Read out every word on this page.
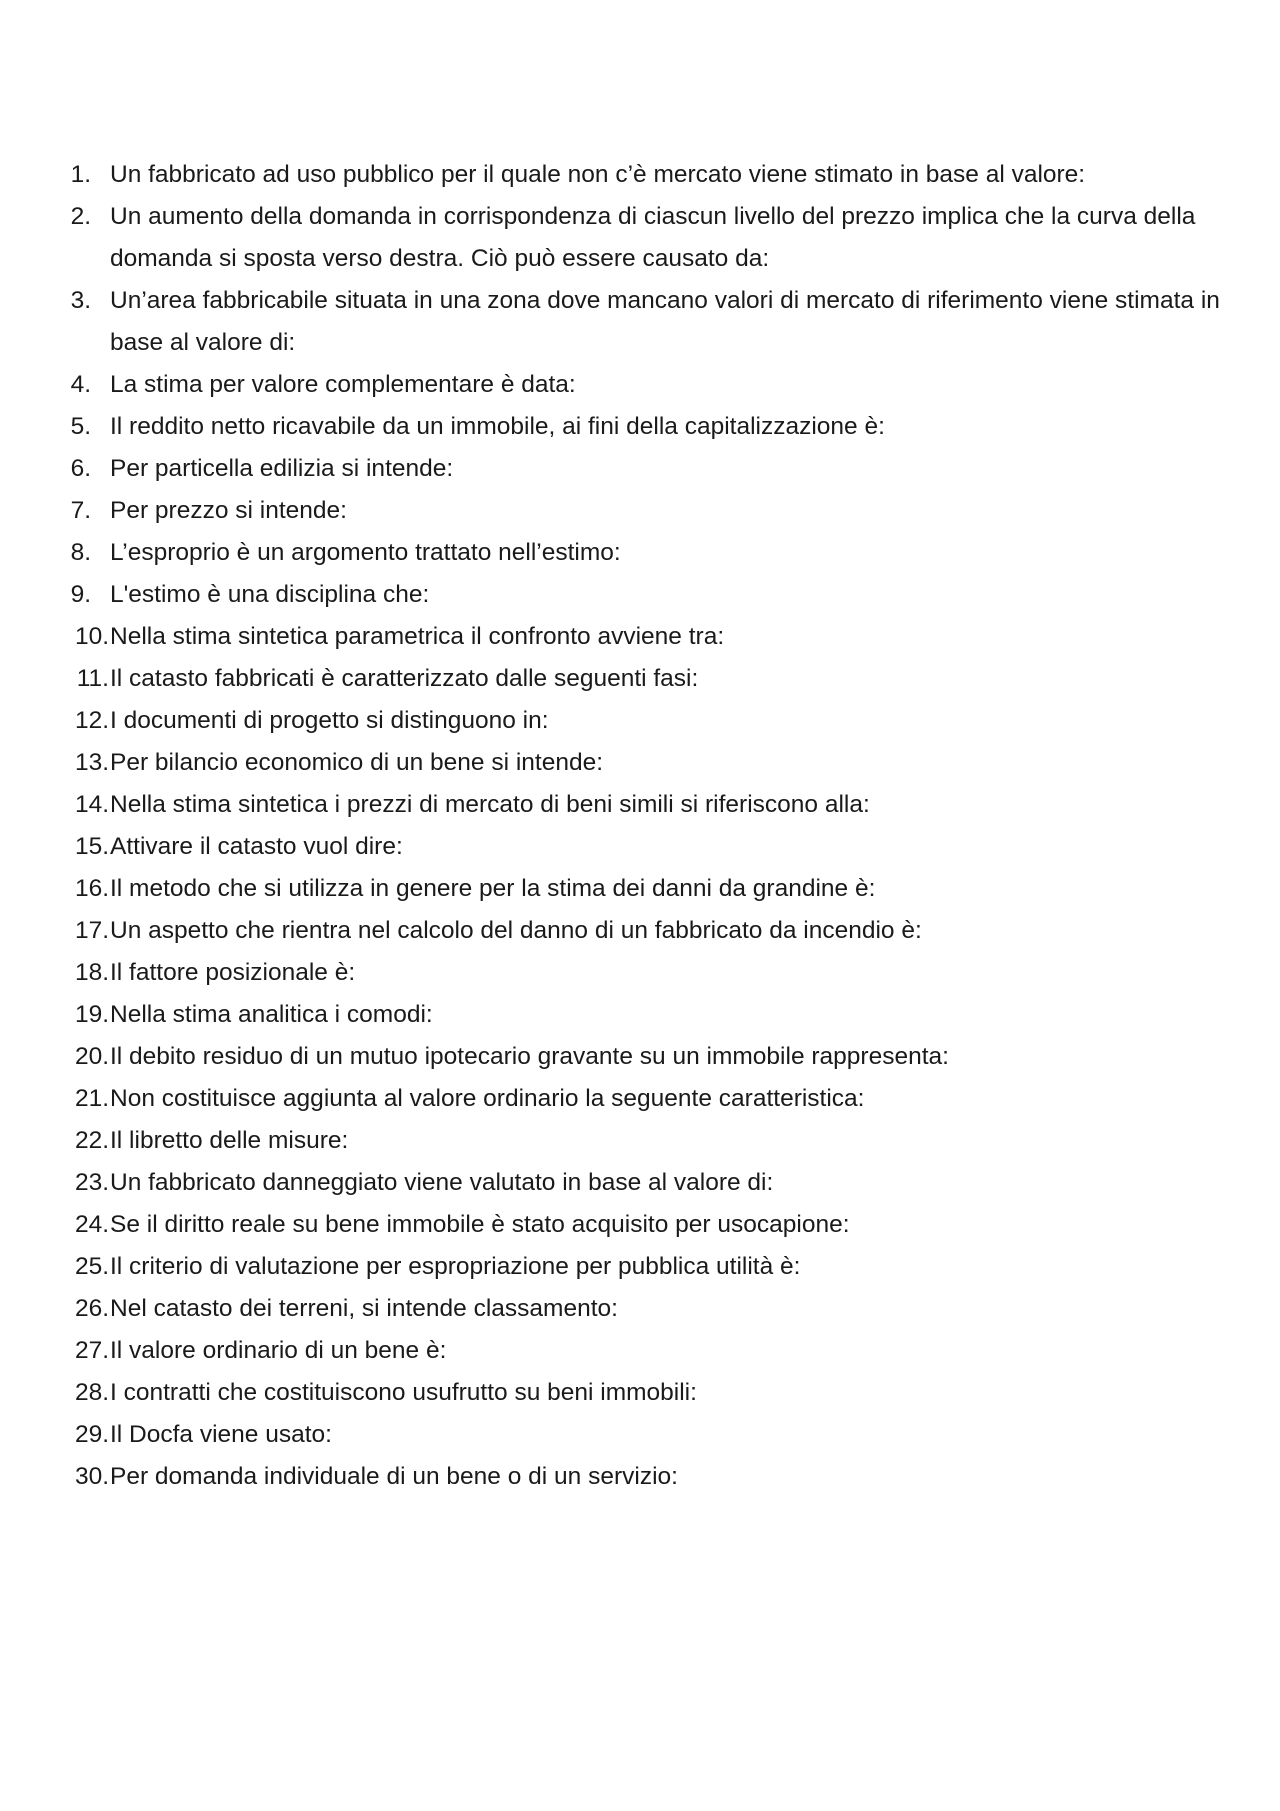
1. Un fabbricato ad uso pubblico per il quale non c’è mercato viene stimato in base al valore:
2. Un aumento della domanda in corrispondenza di ciascun livello del prezzo implica che la curva della domanda si sposta verso destra. Ciò può essere causato da:
3. Un’area fabbricabile situata in una zona dove mancano valori di mercato di riferimento viene stimata in base al valore di:
4. La stima per valore complementare è data:
5. Il reddito netto ricavabile da un immobile, ai fini della capitalizzazione è:
6. Per particella edilizia si intende:
7. Per prezzo si intende:
8. L’esproprio è un argomento trattato nell’estimo:
9. L'estimo è una disciplina che:
10. Nella stima sintetica parametrica il confronto avviene tra:
11. Il catasto fabbricati è caratterizzato dalle seguenti fasi:
12. I documenti di progetto si distinguono in:
13. Per bilancio economico di un bene si intende:
14. Nella stima sintetica i prezzi di mercato di beni simili si riferiscono alla:
15. Attivare il catasto vuol dire:
16. Il metodo che si utilizza in genere per la stima dei danni da grandine è:
17. Un aspetto che rientra nel calcolo del danno di un fabbricato da incendio è:
18. Il fattore posizionale è:
19. Nella stima analitica i comodi:
20. Il debito residuo di un mutuo ipotecario gravante su un immobile rappresenta:
21. Non costituisce aggiunta al valore ordinario la seguente caratteristica:
22. Il libretto delle misure:
23. Un fabbricato danneggiato viene valutato in base al valore di:
24. Se il diritto reale su bene immobile è stato acquisito per usocapione:
25. Il criterio di valutazione per espropriazione per pubblica utilità è:
26. Nel catasto dei terreni, si intende classamento:
27. Il valore ordinario di un bene è:
28. I contratti che costituiscono usufrutto su beni immobili:
29. Il Docfa viene usato:
30. Per domanda individuale di un bene o di un servizio:
